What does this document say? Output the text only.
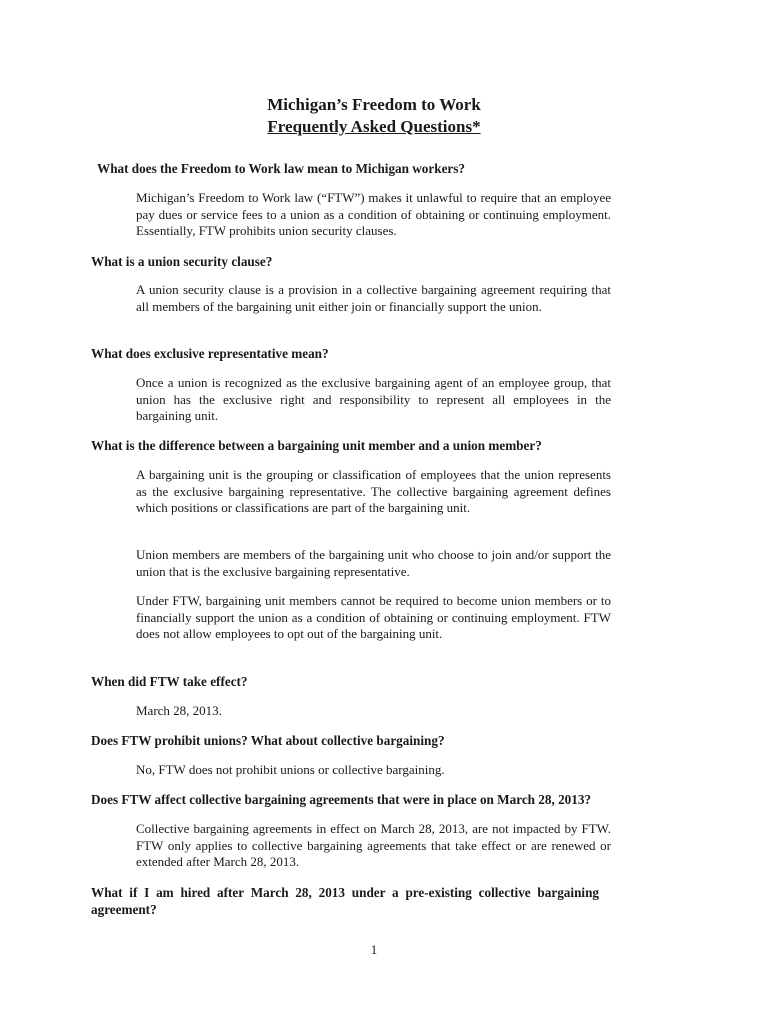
Michigan’s Freedom to Work
Frequently Asked Questions*
What does the Freedom to Work law mean to Michigan workers?
Michigan’s Freedom to Work law (“FTW”) makes it unlawful to require that an employee pay dues or service fees to a union as a condition of obtaining or continuing employment. Essentially, FTW prohibits union security clauses.
What is a union security clause?
A union security clause is a provision in a collective bargaining agreement requiring that all members of the bargaining unit either join or financially support the union.
What does exclusive representative mean?
Once a union is recognized as the exclusive bargaining agent of an employee group, that union has the exclusive right and responsibility to represent all employees in the bargaining unit.
What is the difference between a bargaining unit member and a union member?
A bargaining unit is the grouping or classification of employees that the union represents as the exclusive bargaining representative. The collective bargaining agreement defines which positions or classifications are part of the bargaining unit.
Union members are members of the bargaining unit who choose to join and/or support the union that is the exclusive bargaining representative.
Under FTW, bargaining unit members cannot be required to become union members or to financially support the union as a condition of obtaining or continuing employment. FTW does not allow employees to opt out of the bargaining unit.
When did FTW take effect?
March 28, 2013.
Does FTW prohibit unions? What about collective bargaining?
No, FTW does not prohibit unions or collective bargaining.
Does FTW affect collective bargaining agreements that were in place on March 28, 2013?
Collective bargaining agreements in effect on March 28, 2013, are not impacted by FTW. FTW only applies to collective bargaining agreements that take effect or are renewed or extended after March 28, 2013.
What if I am hired after March 28, 2013 under a pre-existing collective bargaining agreement?
1
